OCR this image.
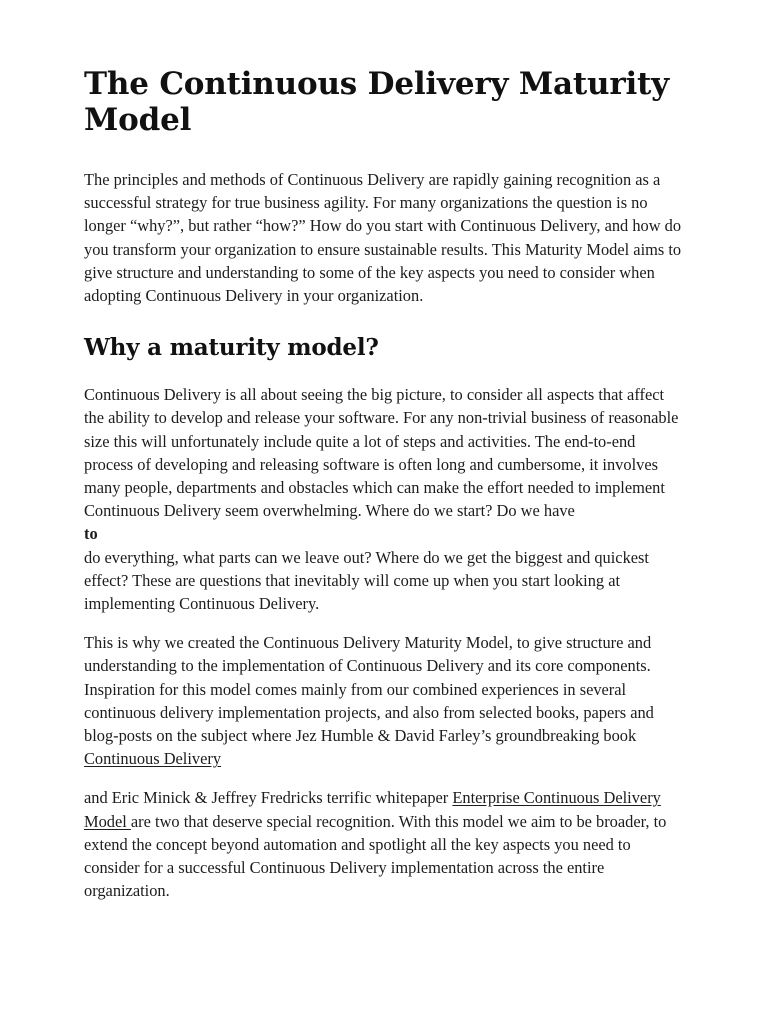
The Continuous Delivery Maturity Model

The principles and methods of Continuous Delivery are rapidly gaining recognition as a successful strategy for true business agility. For many organizations the question is no longer “why?”, but rather “how?” How do you start with Continuous Delivery, and how do you transform your organization to ensure sustainable results. This Maturity Model aims to give structure and understanding to some of the key aspects you need to consider when adopting Continuous Delivery in your organization.

Why a maturity model?

Continuous Delivery is all about seeing the big picture, to consider all aspects that affect the ability to develop and release your software. For any non-trivial business of reasonable size this will unfortunately include quite a lot of steps and activities. The end-to-end process of developing and releasing software is often long and cumbersome, it involves many people, departments and obstacles which can make the effort needed to implement Continuous Delivery seem overwhelming. Where do we start? Do we have
to
do everything, what parts can we leave out? Where do we get the biggest and quickest effect? These are questions that inevitably will come up when you start looking at implementing Continuous Delivery.

This is why we created the Continuous Delivery Maturity Model, to give structure and understanding to the implementation of Continuous Delivery and its core components. Inspiration for this model comes mainly from our combined experiences in several continuous delivery implementation projects, and also from selected books, papers and blog-posts on the subject where Jez Humble & David Farley’s groundbreaking book Continuous Delivery

and Eric Minick & Jeffrey Fredricks terrific whitepaper Enterprise Continuous Delivery Model are two that deserve special recognition. With this model we aim to be broader, to extend the concept beyond automation and spotlight all the key aspects you need to consider for a successful Continuous Delivery implementation across the entire organization.
